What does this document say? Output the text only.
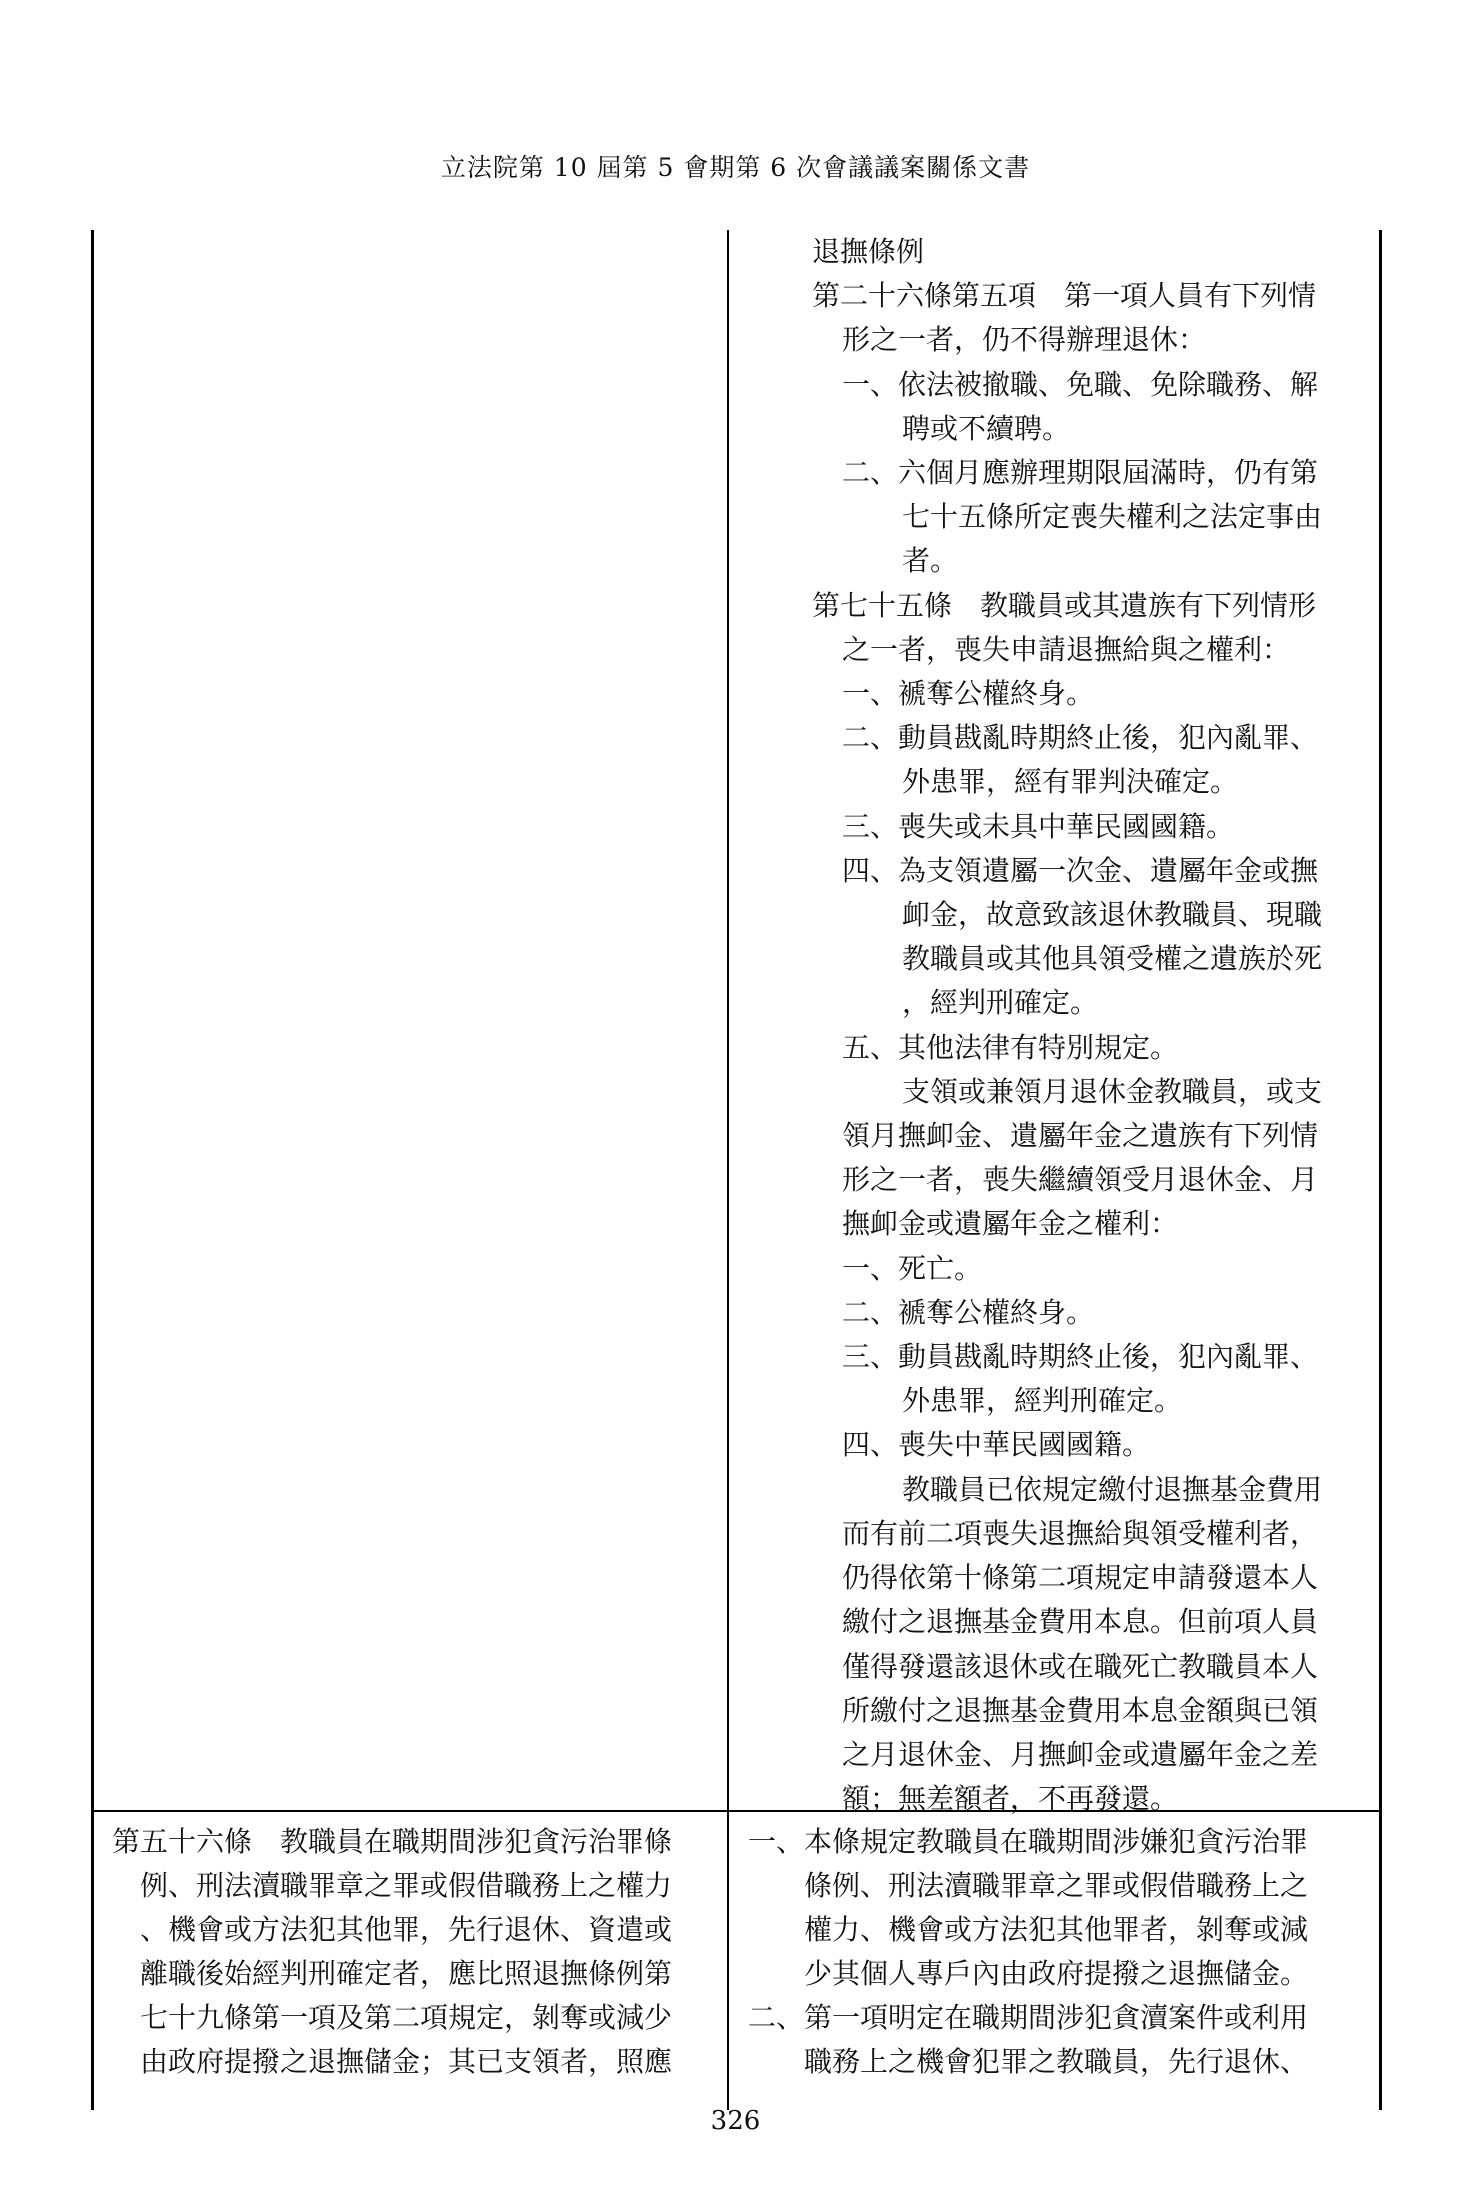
立法院第 10 屆第 5 會期第 6 次會議議案關係文書
退撫條例
第二十六條第五項　第一項人員有下列情
形之一者，仍不得辦理退休：
一、依法被撤職、免職、免除職務、解
聘或不續聘。
二、六個月應辦理期限屆滿時，仍有第
七十五條所定喪失權利之法定事由
者。
第七十五條　教職員或其遺族有下列情形
之一者，喪失申請退撫給與之權利：
一、褫奪公權終身。
二、動員戡亂時期終止後，犯內亂罪、
外患罪，經有罪判決確定。
三、喪失或未具中華民國國籍。
四、為支領遺屬一次金、遺屬年金或撫
卹金，故意致該退休教職員、現職
教職員或其他具領受權之遺族於死
，經判刑確定。
五、其他法律有特別規定。
支領或兼領月退休金教職員，或支
領月撫卹金、遺屬年金之遺族有下列情
形之一者，喪失繼續領受月退休金、月
撫卹金或遺屬年金之權利：
一、死亡。
二、褫奪公權終身。
三、動員戡亂時期終止後，犯內亂罪、
外患罪，經判刑確定。
四、喪失中華民國國籍。
教職員已依規定繳付退撫基金費用
而有前二項喪失退撫給與領受權利者，
仍得依第十條第二項規定申請發還本人
繳付之退撫基金費用本息。但前項人員
僅得發還該退休或在職死亡教職員本人
所繳付之退撫基金費用本息金額與已領
之月退休金、月撫卹金或遺屬年金之差
額；無差額者，不再發還。
第五十六條　教職員在職期間涉犯貪污治罪條
例、刑法瀆職罪章之罪或假借職務上之權力
、機會或方法犯其他罪，先行退休、資遣或
離職後始經判刑確定者，應比照退撫條例第
七十九條第一項及第二項規定，剝奪或減少
由政府提撥之退撫儲金；其已支領者，照應
一、本條規定教職員在職期間涉嫌犯貪污治罪
條例、刑法瀆職罪章之罪或假借職務上之
權力、機會或方法犯其他罪者，剝奪或減
少其個人專戶內由政府提撥之退撫儲金。
二、第一項明定在職期間涉犯貪瀆案件或利用
職務上之機會犯罪之教職員，先行退休、
326
